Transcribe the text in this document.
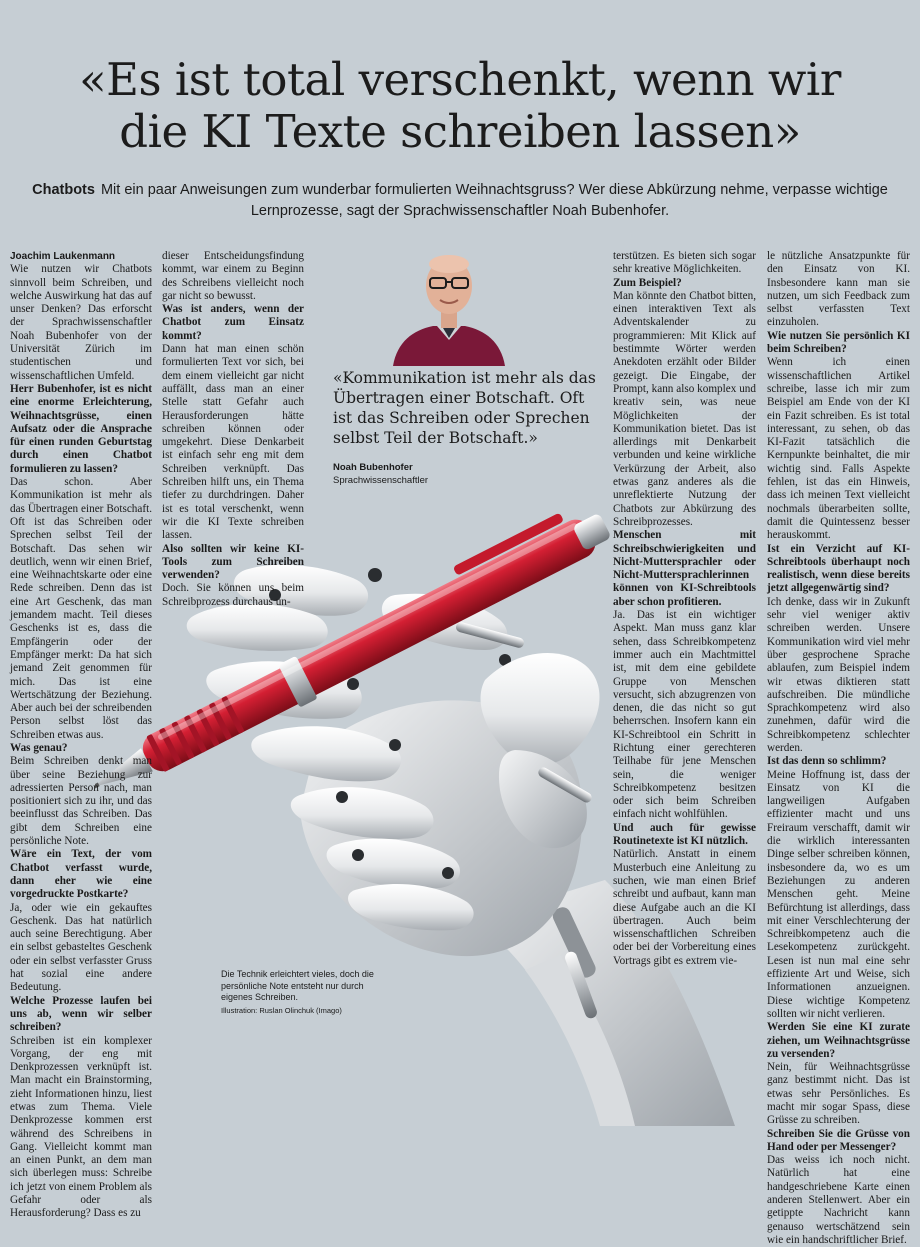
«Es ist total verschenkt, wenn wir
die KI Texte schreiben lassen»
Chatbots Mit ein paar Anweisungen zum wunderbar formulierten Weihnachtsgruss? Wer diese Abkürzung nehme, verpasse wichtige Lernprozesse, sagt der Sprachwissenschaftler Noah Bubenhofer.
«Kommunikation ist mehr als das Übertragen einer Botschaft. Oft ist das Schreiben oder Sprechen selbst Teil der Botschaft.»
Noah Bubenhofer
Sprachwissenschaftler
Die Technik erleichtert vieles, doch die persönliche Note entsteht nur durch eigenes Schreiben.
Illustration: Ruslan Olinchuk (Imago)

Joachim Laukenmann

Wie nutzen wir Chatbots sinnvoll beim Schreiben, und welche Auswirkung hat das auf unser Denken? Das erforscht der Sprachwissenschaftler Noah Bubenhofer von der Universität Zürich im studentischen und wissenschaftlichen Umfeld.

Herr Bubenhofer, ist es nicht eine enorme Erleichterung, Weihnachtsgrüsse, einen Aufsatz oder die Ansprache für einen runden Geburtstag durch einen Chatbot formulieren zu lassen?

Das schon. Aber Kommunikation ist mehr als das Übertragen einer Botschaft. Oft ist das Schreiben oder Sprechen selbst Teil der Botschaft. Das sehen wir deutlich, wenn wir einen Brief, eine Weihnachtskarte oder eine Rede schreiben. Denn das ist eine Art Geschenk, das man jemandem macht. Teil dieses Geschenks ist es, dass die Empfängerin oder der Empfänger merkt: Da hat sich jemand Zeit genommen für mich. Das ist eine Wertschätzung der Beziehung. Aber auch bei der schreibenden Person selbst löst das Schreiben etwas aus.

Was genau?

Beim Schreiben denkt man über seine Beziehung zur adressierten Person nach, man positioniert sich zu ihr, und das beeinflusst das Schreiben. Das gibt dem Schreiben eine persönliche Note.

Wäre ein Text, der vom Chatbot verfasst wurde, dann eher wie eine vorgedruckte Postkarte?

Ja, oder wie ein gekauftes Geschenk. Das hat natürlich auch seine Berechtigung. Aber ein selbst gebasteltes Geschenk oder ein selbst verfasster Gruss hat sozial eine andere Bedeutung.

Welche Prozesse laufen bei uns ab, wenn wir selber schreiben?

Schreiben ist ein komplexer Vorgang, der eng mit Denkprozessen verknüpft ist. Man macht ein Brainstorming, zieht Informationen hinzu, liest etwas zum Thema. Viele Denkprozesse kommen erst während des Schreibens in Gang. Vielleicht kommt man an einen Punkt, an dem man sich überlegen muss: Schreibe ich jetzt von einem Problem als Gefahr oder als Herausforderung? Dass es zu

dieser Entscheidungsfindung kommt, war einem zu Beginn des Schreibens vielleicht noch gar nicht so bewusst.

Was ist anders, wenn der Chatbot zum Einsatz kommt?

Dann hat man einen schön formulierten Text vor sich, bei dem einem vielleicht gar nicht auffällt, dass man an einer Stelle statt Gefahr auch Herausforderungen hätte schreiben können oder umgekehrt. Diese Denkarbeit ist einfach sehr eng mit dem Schreiben verknüpft. Das Schreiben hilft uns, ein Thema tiefer zu durchdringen. Daher ist es total verschenkt, wenn wir die KI Texte schreiben lassen.

Also sollten wir keine KI-Tools zum Schreiben verwenden?

Doch. Sie können uns beim Schreibprozess durchaus un-

terstützen. Es bieten sich sogar sehr kreative Möglichkeiten.

Zum Beispiel?

Man könnte den Chatbot bitten, einen interaktiven Text als Adventskalender zu programmieren: Mit Klick auf bestimmte Wörter werden Anekdoten erzählt oder Bilder gezeigt. Die Eingabe, der Prompt, kann also komplex und kreativ sein, was neue Möglichkeiten der Kommunikation bietet. Das ist allerdings mit Denkarbeit verbunden und keine wirkliche Verkürzung der Arbeit, also etwas ganz anderes als die unreflektierte Nutzung der Chatbots zur Abkürzung des Schreibprozesses.

Menschen mit Schreibschwierigkeiten und Nicht-Muttersprachler oder Nicht-Muttersprachlerinnen können von KI-Schreibtools aber schon profitieren.

Ja. Das ist ein wichtiger Aspekt. Man muss ganz klar sehen, dass Schreibkompetenz immer auch ein Machtmittel ist, mit dem eine gebildete Gruppe von Menschen versucht, sich abzugrenzen von denen, die das nicht so gut beherrschen. Insofern kann ein KI-Schreibtool ein Schritt in Richtung einer gerechteren Teilhabe für jene Menschen sein, die weniger Schreibkompetenz besitzen oder sich beim Schreiben einfach nicht wohlfühlen.

Und auch für gewisse Routinetexte ist KI nützlich.

Natürlich. Anstatt in einem Musterbuch eine Anleitung zu suchen, wie man einen Brief schreibt und aufbaut, kann man diese Aufgabe auch an die KI übertragen. Auch beim wissenschaftlichen Schreiben oder bei der Vorbereitung eines Vortrags gibt es extrem vie-

le nützliche Ansatzpunkte für den Einsatz von KI. Insbesondere kann man sie nutzen, um sich Feedback zum selbst verfassten Text einzuholen.

Wie nutzen Sie persönlich KI beim Schreiben?

Wenn ich einen wissenschaftlichen Artikel schreibe, lasse ich mir zum Beispiel am Ende von der KI ein Fazit schreiben. Es ist total interessant, zu sehen, ob das KI-Fazit tatsächlich die Kernpunkte beinhaltet, die mir wichtig sind. Falls Aspekte fehlen, ist das ein Hinweis, dass ich meinen Text vielleicht nochmals überarbeiten sollte, damit die Quintessenz besser herauskommt.

Ist ein Verzicht auf KI-Schreibtools überhaupt noch realistisch, wenn diese bereits jetzt allgegenwärtig sind?

Ich denke, dass wir in Zukunft sehr viel weniger aktiv schreiben werden. Unsere Kommunikation wird viel mehr über gesprochene Sprache ablaufen, zum Beispiel indem wir etwas diktieren statt aufschreiben. Die mündliche Sprachkompetenz wird also zunehmen, dafür wird die Schreibkompetenz schlechter werden.

Ist das denn so schlimm?

Meine Hoffnung ist, dass der Einsatz von KI die langweiligen Aufgaben effizienter macht und uns Freiraum verschafft, damit wir die wirklich interessanten Dinge selber schreiben können, insbesondere da, wo es um Beziehungen zu anderen Menschen geht. Meine Befürchtung ist allerdings, dass mit einer Verschlechterung der Schreibkompetenz auch die Lesekompetenz zurückgeht. Lesen ist nun mal eine sehr effiziente Art und Weise, sich Informationen anzueignen. Diese wichtige Kompetenz sollten wir nicht verlieren.

Werden Sie eine KI zurate ziehen, um Weihnachtsgrüsse zu versenden?

Nein, für Weihnachtsgrüsse ganz bestimmt nicht. Das ist etwas sehr Persönliches. Es macht mir sogar Spass, diese Grüsse zu schreiben.

Schreiben Sie die Grüsse von Hand oder per Messenger?

Das weiss ich noch nicht. Natürlich hat eine handgeschriebene Karte einen anderen Stellenwert. Aber ein getippte Nachricht kann genauso wertschätzend sein wie ein handschriftlicher Brief.
